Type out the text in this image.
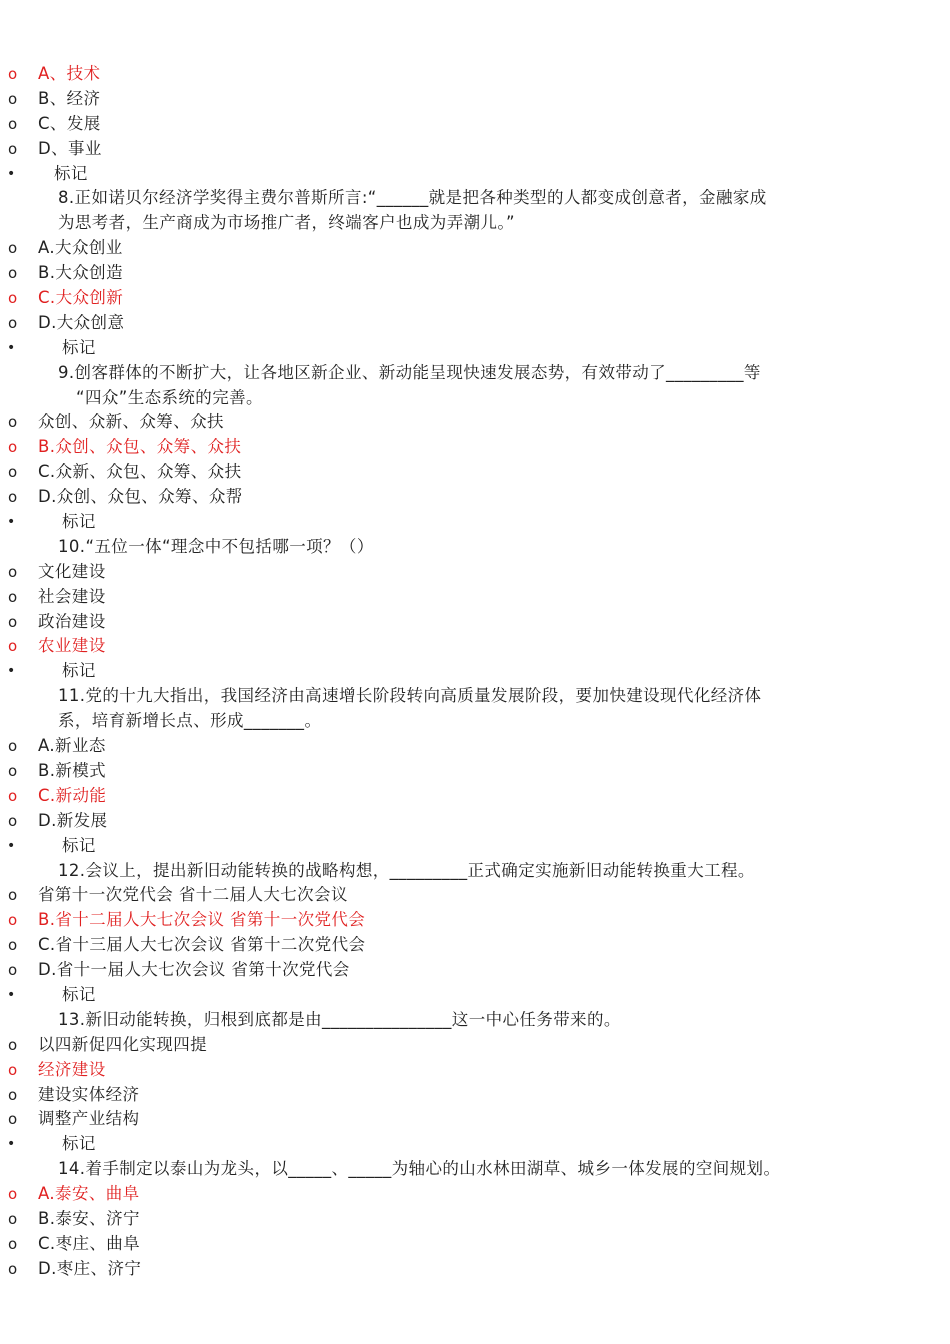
o	A、技术
o	B、经济
o	C、发展
o	D、事业
• 标记
8.正如诺贝尔经济学奖得主费尔普斯所言:“______就是把各种类型的人都变成创意者，金融家成
为思考者，生产商成为市场推广者，终端客户也成为弄潮儿。”
o	A.大众创业
o	B.大众创造
o	C.大众创新
o	D.大众创意
•	标记
9.创客群体的不断扩大，让各地区新企业、新动能呈现快速发展态势，有效带动了_________等
“四众”生态系统的完善。
o	众创、众新、众筹、众扶
o	B.众创、众包、众筹、众扶
o	C.众新、众包、众筹、众扶
o	D.众创、众包、众筹、众帮
•	标记
10.“五位一体“理念中不包括哪一项？（）
o	文化建设
o	社会建设
o	政治建设
o	农业建设
•	标记
11.党的十九大指出，我国经济由高速增长阶段转向高质量发展阶段，要加快建设现代化经济体
系，培育新增长点、形成_______。
o	A.新业态
o	B.新模式
o	C.新动能
o	D.新发展
•	标记
12.会议上，提出新旧动能转换的战略构想，_________正式确定实施新旧动能转换重大工程。
o	省第十一次党代会 省十二届人大七次会议
o	B.省十二届人大七次会议 省第十一次党代会
o	C.省十三届人大七次会议 省第十二次党代会
o	D.省十一届人大七次会议 省第十次党代会
•	标记
13.新旧动能转换，归根到底都是由_______________这一中心任务带来的。
o	以四新促四化实现四提
o	经济建设
o	建设实体经济
o	调整产业结构
•	标记
14.着手制定以泰山为龙头，以_____、_____为轴心的山水林田湖草、城乡一体发展的空间规划。
o	A.泰安、曲阜
o	B.泰安、济宁
o	C.枣庄、曲阜
o	D.枣庄、济宁
